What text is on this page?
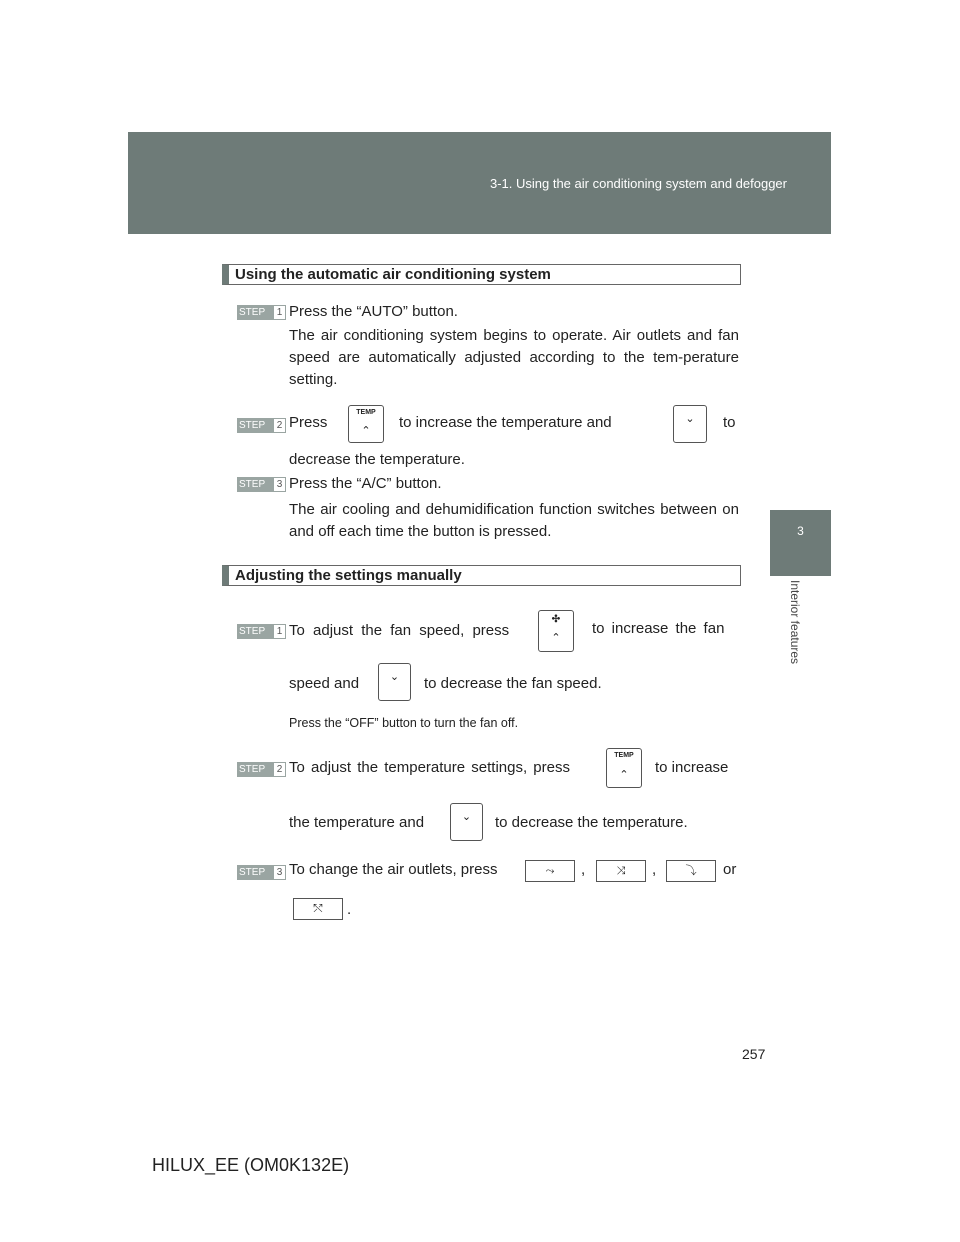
3-1. Using the air conditioning system and defogger
3
Interior features
Using the automatic air conditioning system
STEP	1 Press the “AUTO” button.
The air conditioning system begins to operate. Air outlets and fan speed are automatically adjusted according to the tem-perature setting.
STEP	2 Press
TEMP
⌃	to increase the temperature and	⌄	to
decrease the temperature.
STEP	3 Press the “A/C” button.
The air cooling and dehumidification function switches between on and off each time the button is pressed.
Adjusting the settings manually
STEP	1 To adjust the fan speed, press
✣
⌃
to increase the fan
speed and	⌄	to decrease the fan speed.
Press the “OFF” button to turn the fan off.
STEP	2 To adjust the temperature settings, press
TEMP
⌃	to increase
the temperature and	⌄	to decrease the temperature.
STEP	3 To change the air outlets, press	⤳	,	⤨	,	⤵	or
⤲	.
257
HILUX_EE (OM0K132E)
